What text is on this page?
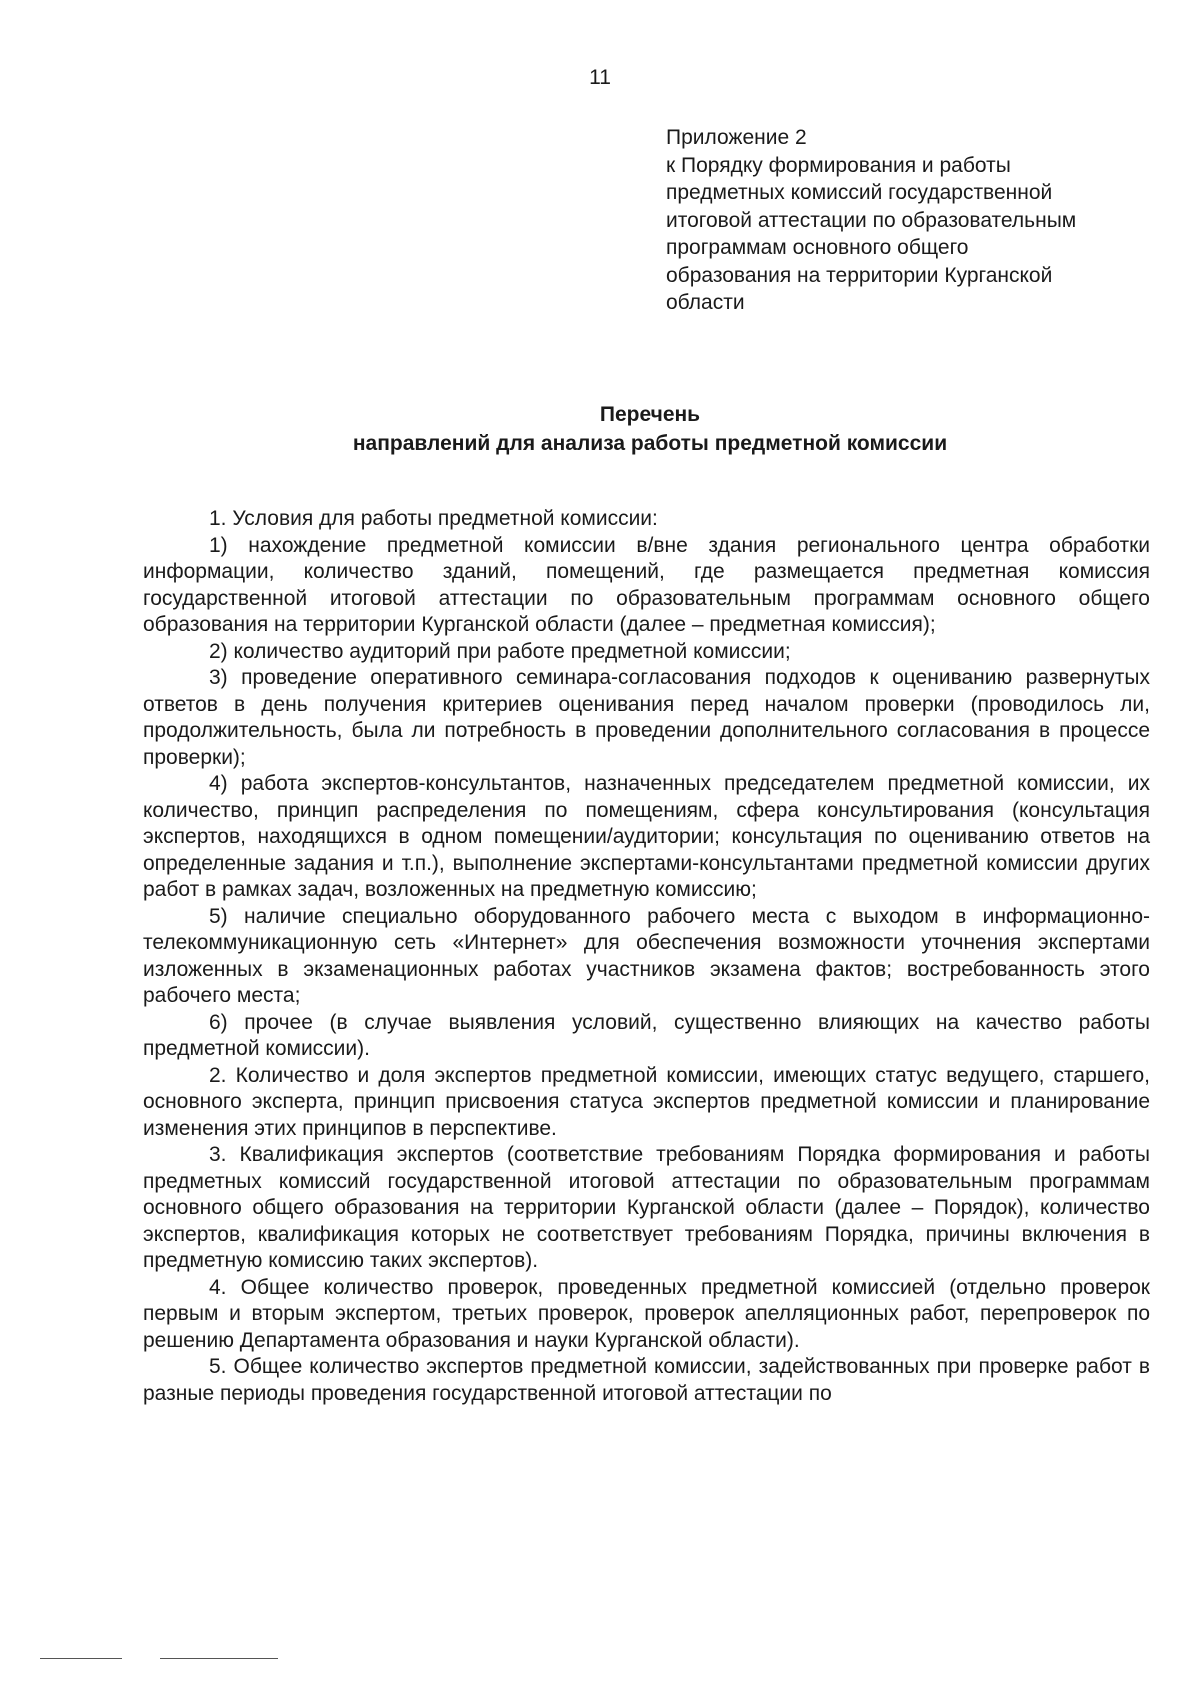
11
Приложение 2
к Порядку формирования и работы
предметных комиссий государственной
итоговой аттестации по образовательным
программам основного общего
образования на территории Курганской
области
Перечень
направлений для анализа работы предметной комиссии

1. Условия для работы предметной комиссии:

1) нахождение предметной комиссии в/вне здания регионального центра обработки информации, количество зданий, помещений, где размещается предметная комиссия государственной итоговой аттестации по образовательным программам основного общего образования на территории Курганской области (далее – предметная комиссия);

2) количество аудиторий при работе предметной комиссии;

3) проведение оперативного семинара-согласования подходов к оцениванию развернутых ответов в день получения критериев оценивания перед началом проверки (проводилось ли, продолжительность, была ли потребность в проведении дополнительного согласования в процессе проверки);

4) работа экспертов-консультантов, назначенных председателем предметной комиссии, их количество, принцип распределения по помещениям, сфера консультирования (консультация экспертов, находящихся в одном помещении/аудитории; консультация по оцениванию ответов на определенные задания и т.п.), выполнение экспертами-консультантами предметной комиссии других работ в рамках задач, возложенных на предметную комиссию;

5) наличие специально оборудованного рабочего места с выходом в информационно-телекоммуникационную сеть «Интернет» для обеспечения возможности уточнения экспертами изложенных в экзаменационных работах участников экзамена фактов; востребованность этого рабочего места;

6) прочее (в случае выявления условий, существенно влияющих на качество работы предметной комиссии).

2. Количество и доля экспертов предметной комиссии, имеющих статус ведущего, старшего, основного эксперта, принцип присвоения статуса экспертов предметной комиссии и планирование изменения этих принципов в перспективе.

3. Квалификация экспертов (соответствие требованиям Порядка формирования и работы предметных комиссий государственной итоговой аттестации по образовательным программам основного общего образования на территории Курганской области (далее – Порядок), количество экспертов, квалификация которых не соответствует требованиям Порядка, причины включения в предметную комиссию таких экспертов).

4. Общее количество проверок, проведенных предметной комиссией (отдельно проверок первым и вторым экспертом, третьих проверок, проверок апелляционных работ, перепроверок по решению Департамента образования и науки Курганской области).

5. Общее количество экспертов предметной комиссии, задействованных при проверке работ в разные периоды проведения государственной итоговой аттестации по
